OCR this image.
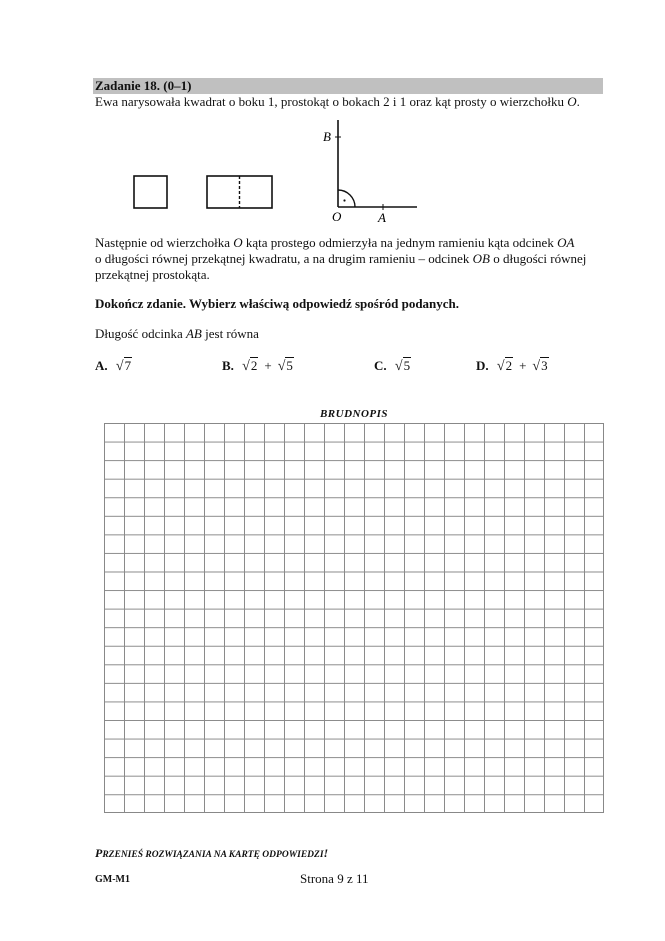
Zadanie 18. (0–1)
Ewa narysowała kwadrat o boku 1, prostokąt o bokach 2 i 1 oraz kąt prosty o wierzchołku O.
B
O	A
Następnie od wierzchołka O kąta prostego odmierzyła na jednym ramieniu kąta odcinek OA
o długości równej przekątnej kwadratu, a na drugim ramieniu – odcinek OB o długości równej
przekątnej prostokąta.
Dokończ zdanie. Wybierz właściwą odpowiedź spośród podanych.
Długość odcinka AB jest równa
A. √7	B. √2 + √5	C. √5	D. √2 + √3
BRUDNOPIS
PRZENIEŚ ROZWIĄZANIA NA KARTĘ ODPOWIEDZI!
GM-M1	Strona 9 z 11
